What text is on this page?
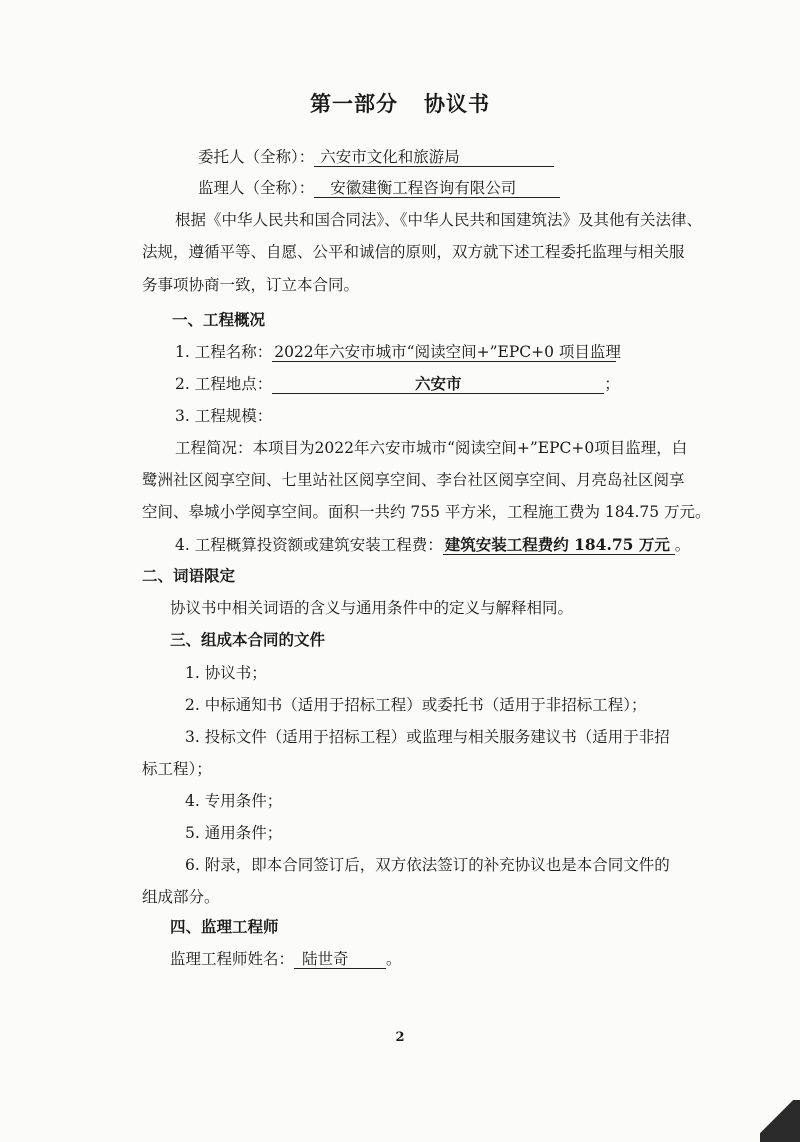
第一部分 协议书
委托人（全称）： 六安市文化和旅游局
监理人（全称）： 安徽建衡工程咨询有限公司
根据《中华人民共和国合同法》、《中华人民共和国建筑法》及其他有关法律、
法规，遵循平等、自愿、公平和诚信的原则，双方就下述工程委托监理与相关服
务事项协商一致，订立本合同。
一、工程概况
1. 工程名称： 2022年六安市城市“阅读空间+”EPC+0 项目监理
2. 工程地点：	六安市	；
3. 工程规模：
工程简况：本项目为2022年六安市城市“阅读空间+”EPC+0项目监理，白
鹭洲社区阅享空间、七里站社区阅享空间、李台社区阅享空间、月亮岛社区阅享
空间、皋城小学阅享空间。面积一共约 755 平方米，工程施工费为 184.75 万元。
4. 工程概算投资额或建筑安装工程费： 建筑安装工程费约 184.75 万元 。
二、词语限定
协议书中相关词语的含义与通用条件中的定义与解释相同。
三、组成本合同的文件
1. 协议书；
2. 中标通知书（适用于招标工程）或委托书（适用于非招标工程）；
3. 投标文件（适用于招标工程）或监理与相关服务建议书（适用于非招
标工程）；
4. 专用条件；
5. 通用条件；
6. 附录，即本合同签订后，双方依法签订的补充协议也是本合同文件的
组成部分。
四、监理工程师
监理工程师姓名： 陆世奇 。
2
